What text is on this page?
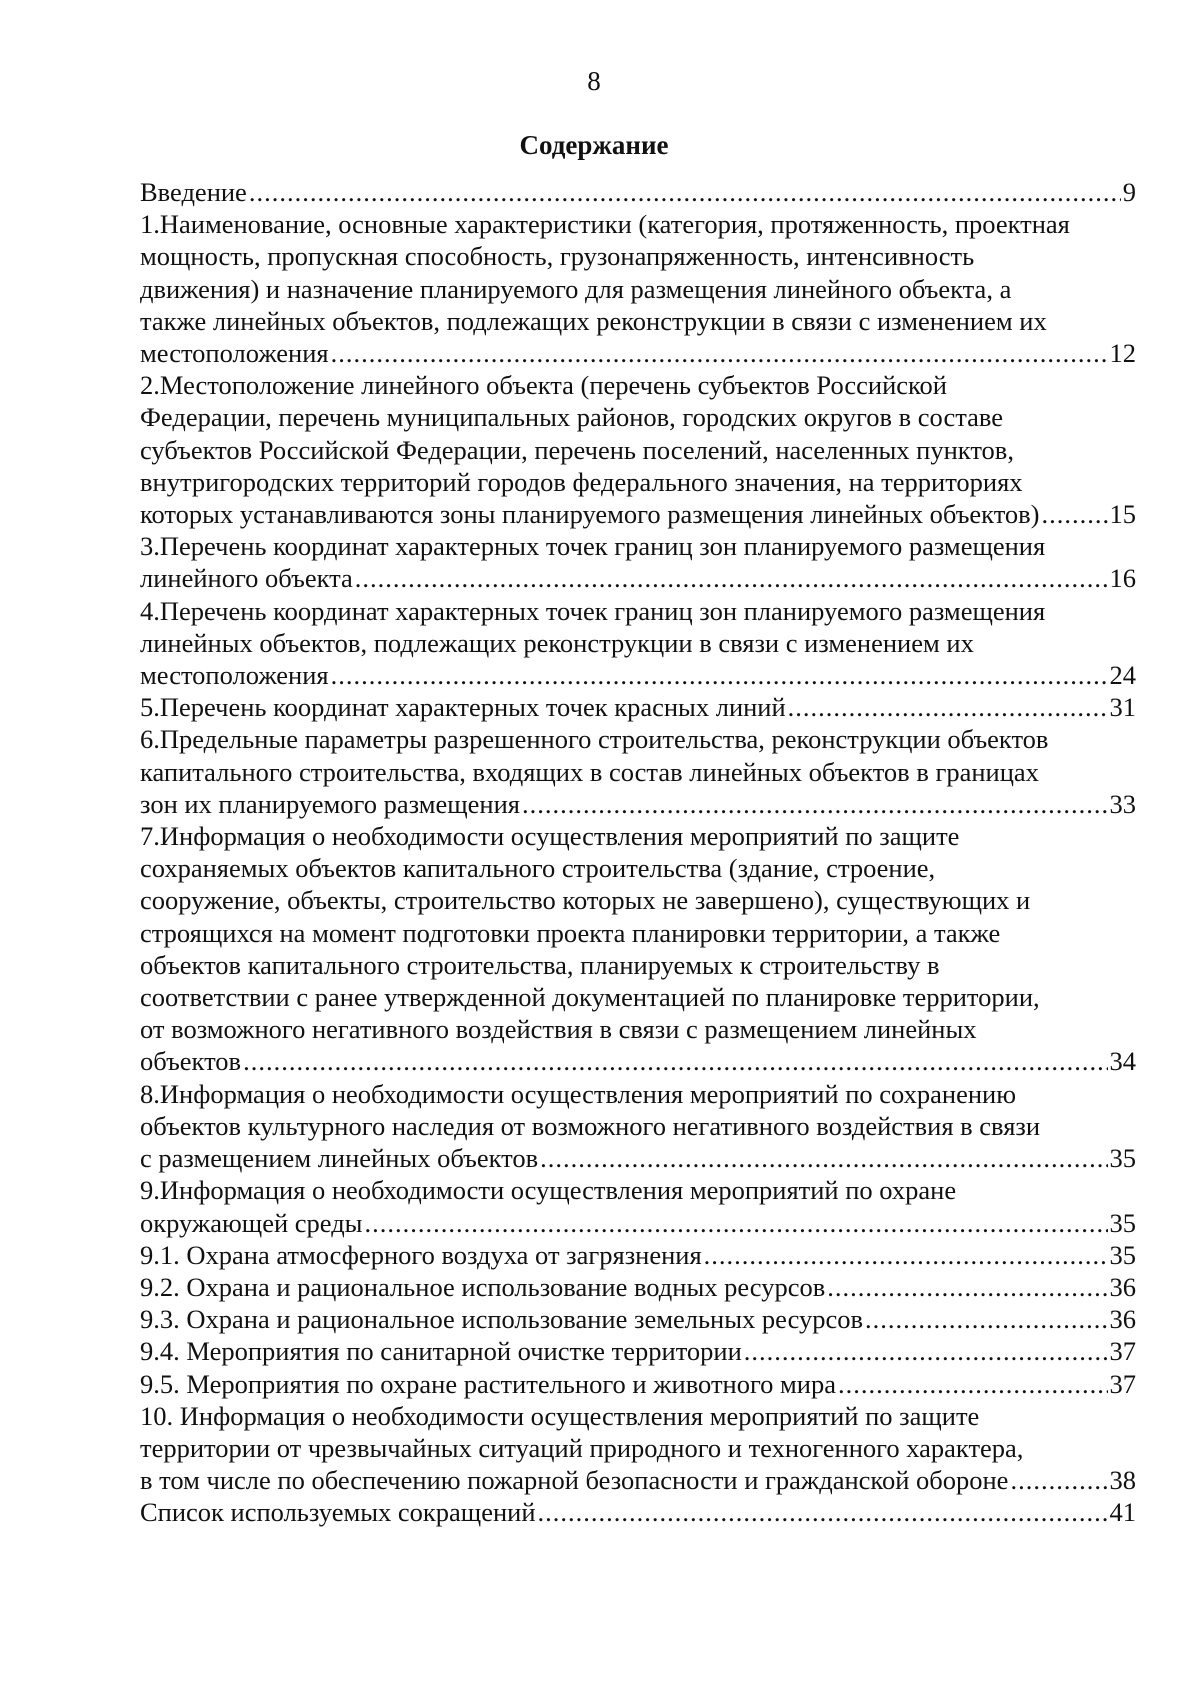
8
Содержание
Введение .....	9
1.Наименование, основные характеристики (категория, протяженность, проектная
мощность, пропускная способность, грузонапряженность, интенсивность
движения) и назначение планируемого для размещения линейного объекта, а
также линейных объектов, подлежащих реконструкции в связи с изменением их
местоположения .....	12
2.Местоположение линейного объекта (перечень субъектов Российской
Федерации, перечень муниципальных районов, городских округов в составе
субъектов Российской Федерации, перечень поселений, населенных пунктов,
внутригородских территорий городов федерального значения, на территориях
которых устанавливаются зоны планируемого размещения линейных объектов) .....	15
3.Перечень координат характерных точек границ зон планируемого размещения
линейного объекта .....	16
4.Перечень координат характерных точек границ зон планируемого размещения
линейных объектов, подлежащих реконструкции в связи с изменением их
местоположения .....	24
5.Перечень координат характерных точек красных линий .....	31
6.Предельные параметры разрешенного строительства, реконструкции объектов
капитального строительства, входящих в состав линейных объектов в границах
зон их планируемого размещения .....	33
7.Информация о необходимости осуществления мероприятий по защите
сохраняемых объектов капитального строительства (здание, строение,
сооружение, объекты, строительство которых не завершено), существующих и
строящихся на момент подготовки проекта планировки территории, а также
объектов капитального строительства, планируемых к строительству в
соответствии с ранее утвержденной документацией по планировке территории,
от возможного негативного воздействия в связи с размещением линейных
объектов .....	34
8.Информация о необходимости осуществления мероприятий по сохранению
объектов культурного наследия от возможного негативного воздействия в связи
с размещением линейных объектов .....	35
9.Информация о необходимости осуществления мероприятий по охране
окружающей среды .....	35
9.1. Охрана атмосферного воздуха от загрязнения .....	35
9.2. Охрана и рациональное использование водных ресурсов .....	36
9.3. Охрана и рациональное использование земельных ресурсов .....	36
9.4. Мероприятия по санитарной очистке территории .....	37
9.5. Мероприятия по охране растительного и животного мира .....	37
10. Информация о необходимости осуществления мероприятий по защите
территории от чрезвычайных ситуаций природного и техногенного характера,
в том числе по обеспечению пожарной безопасности и гражданской обороне .....	38
Список используемых сокращений .....	41
